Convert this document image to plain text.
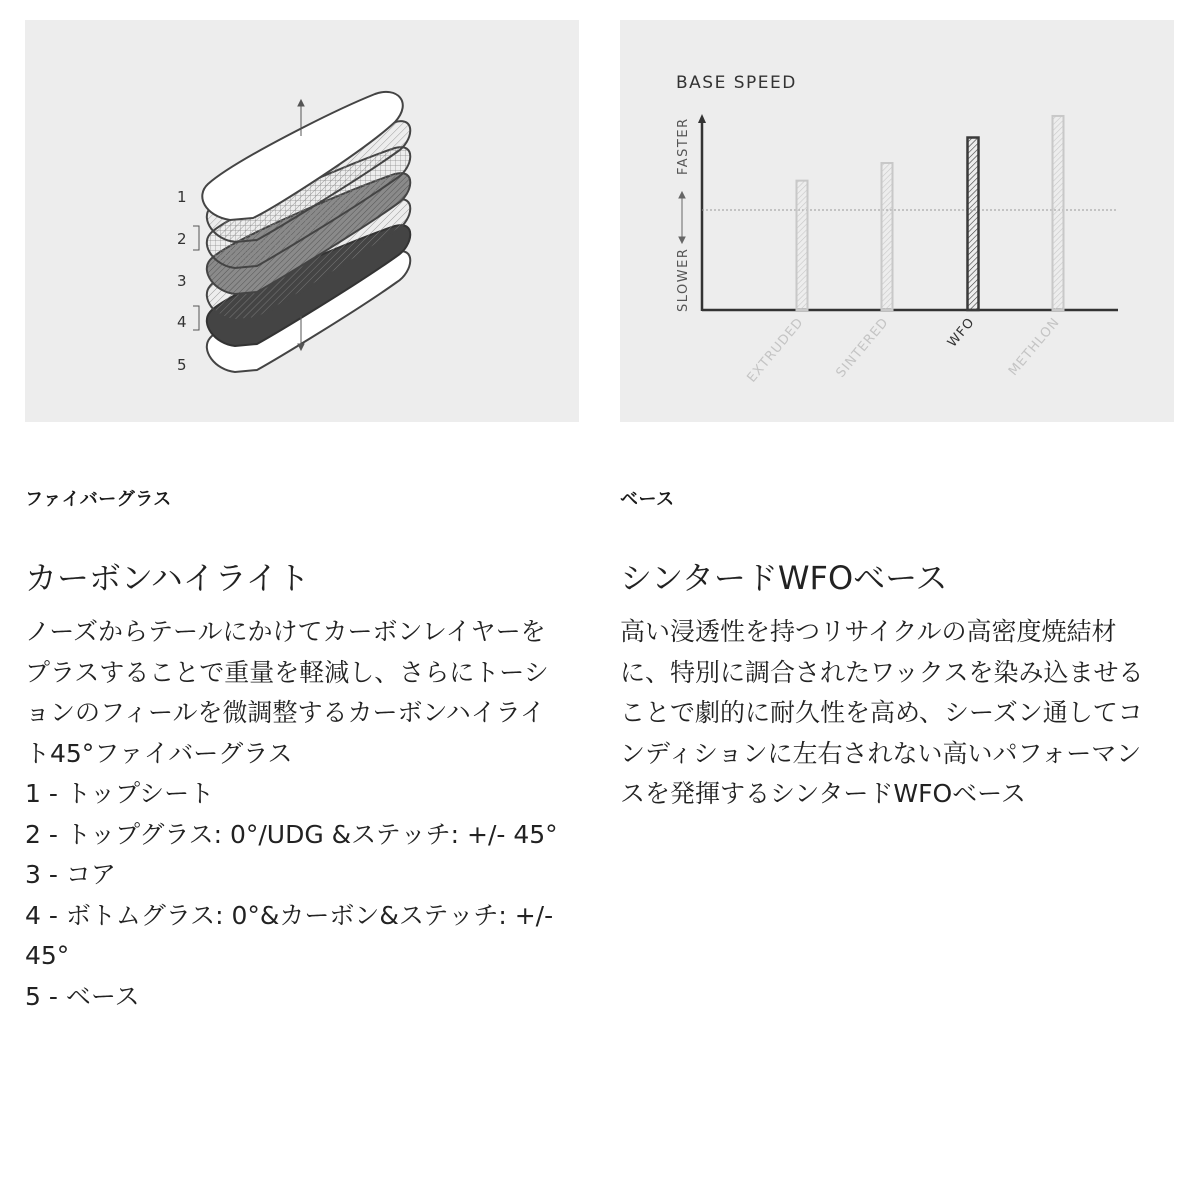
1
2
3
4
5
ファイバーグラス
カーボンハイライト
ノーズからテールにかけてカーボンレイヤーをプラスすることで重量を軽減し、さらにトーションのフィールを微調整するカーボンハイライト45°ファイバーグラス
1 - トップシート
2 - トップグラス: 0°/UDG &ステッチ: +/- 45°
3 - コア
4 - ボトムグラス: 0°&カーボン&ステッチ: +/- 45°
5 - ベース
BASE SPEED
FASTER
SLOWER
EXTRUDED SINTERED	WFO METHLON
ベース
シンタードWFOベース
高い浸透性を持つリサイクルの高密度焼結材に、特別に調合されたワックスを染み込ませることで劇的に耐久性を高め、シーズン通してコンディションに左右されない高いパフォーマンスを発揮するシンタードWFOベース
